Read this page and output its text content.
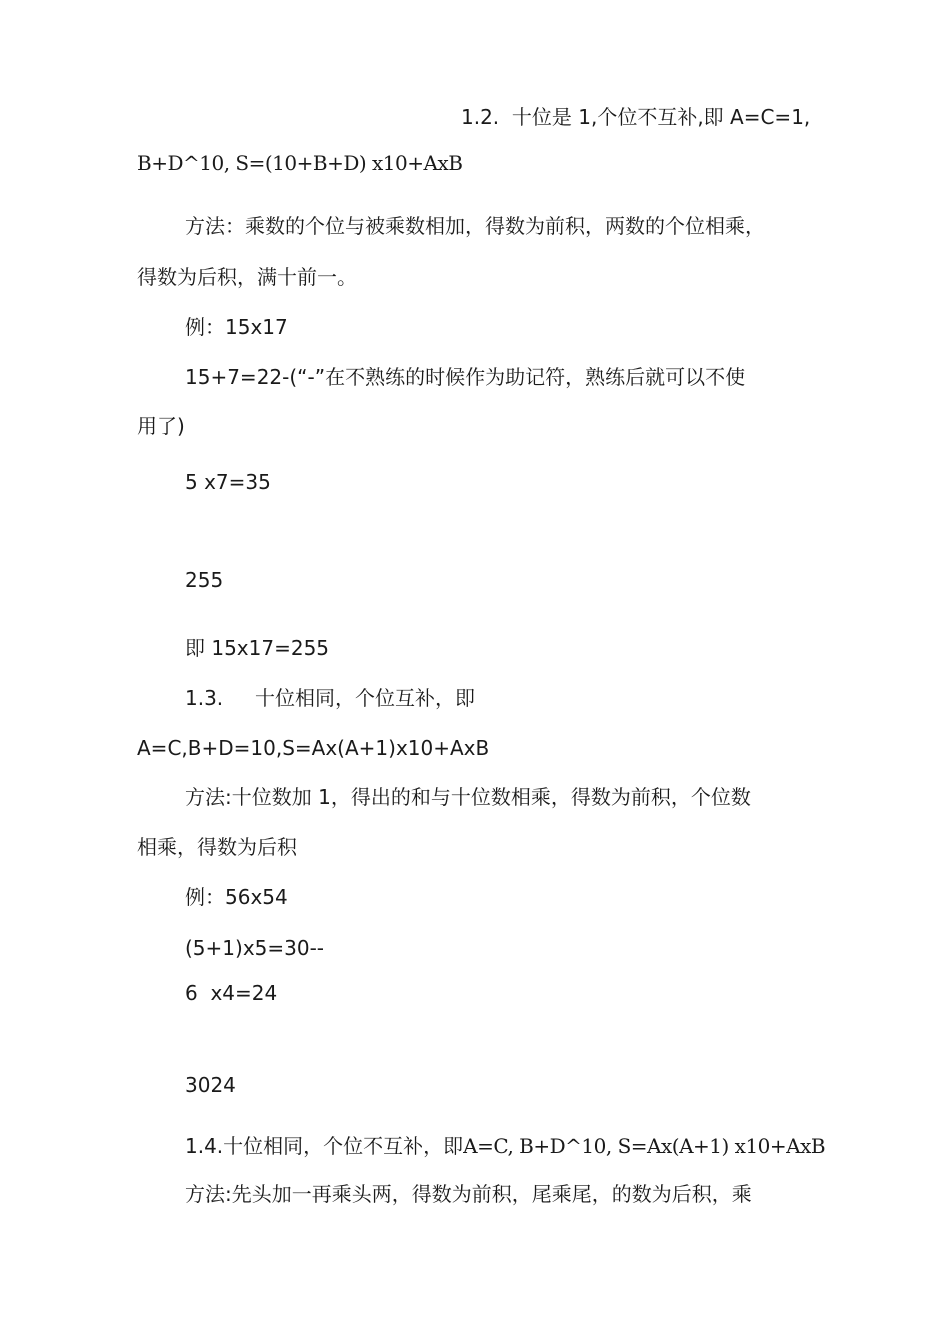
1.2.  十位是 1,个位不互补,即 A=C=1,
B+D^10, S=(10+B+D) x10+AxB
方法：乘数的个位与被乘数相加，得数为前积，两数的个位相乘，
得数为后积，满十前一。
例：15x17
15+7=22-(“-”在不熟练的时候作为助记符，熟练后就可以不使
用了)
5 x7=35
255
即 15x17=255
1.3.     十位相同，个位互补，即
A=C,B+D=10,S=Ax(A+1)x10+AxB
方法:十位数加 1，得出的和与十位数相乘，得数为前积，个位数
相乘，得数为后积
例：56x54
(5+1)x5=30--
6  x4=24
3024
1.4.十位相同，个位不互补，即A=C, B+D^10, S=Ax(A+1) x10+AxB
方法:先头加一再乘头两，得数为前积，尾乘尾，的数为后积，乘
